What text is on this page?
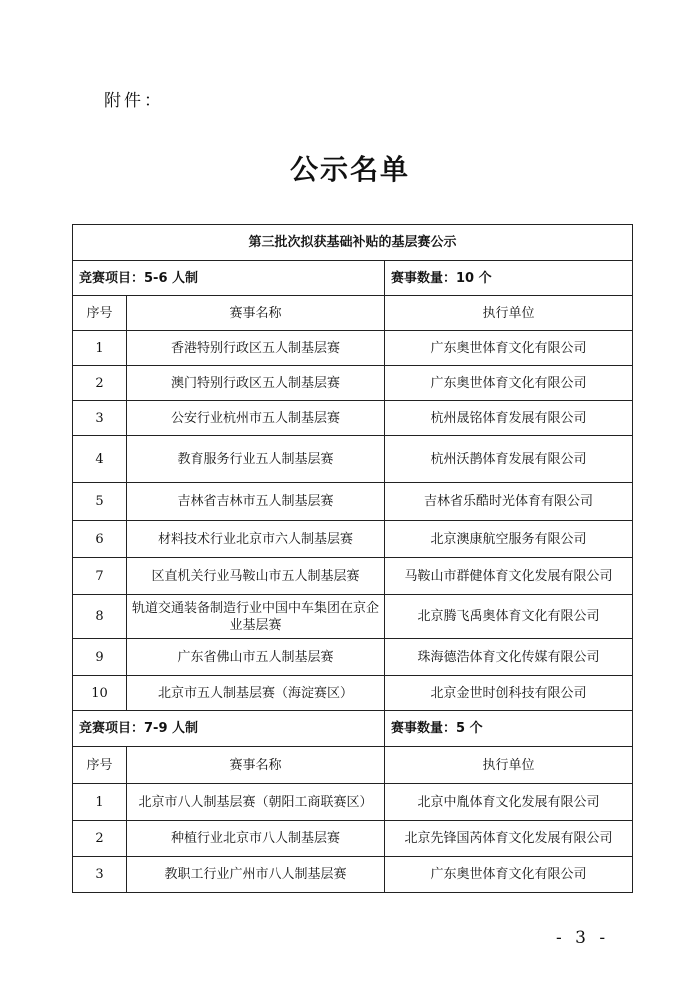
附件：
公示名单
第三批次拟获基础补贴的基层赛公示		
竞赛项目：5-6 人制		赛事数量：10 个
序号	赛事名称	执行单位
1	香港特别行政区五人制基层赛	广东奥世体育文化有限公司
2	澳门特别行政区五人制基层赛	广东奥世体育文化有限公司
3	公安行业杭州市五人制基层赛	杭州晟铭体育发展有限公司
4	教育服务行业五人制基层赛	杭州沃鹊体育发展有限公司
5	吉林省吉林市五人制基层赛	吉林省乐酷时光体育有限公司
6	材料技术行业北京市六人制基层赛	北京澳康航空服务有限公司
7	区直机关行业马鞍山市五人制基层赛	马鞍山市群健体育文化发展有限公司
8	轨道交通装备制造行业中国中车集团在京企业基层赛	北京腾飞禹奥体育文化有限公司
9	广东省佛山市五人制基层赛	珠海德浩体育文化传媒有限公司
10	北京市五人制基层赛（海淀赛区）	北京金世时创科技有限公司
竞赛项目：7-9 人制		赛事数量：5 个
序号	赛事名称	执行单位
1	北京市八人制基层赛（朝阳工商联赛区）	北京中胤体育文化发展有限公司
2	种植行业北京市八人制基层赛	北京先锋国芮体育文化发展有限公司
3	教职工行业广州市八人制基层赛	广东奥世体育文化有限公司
- 3 -
